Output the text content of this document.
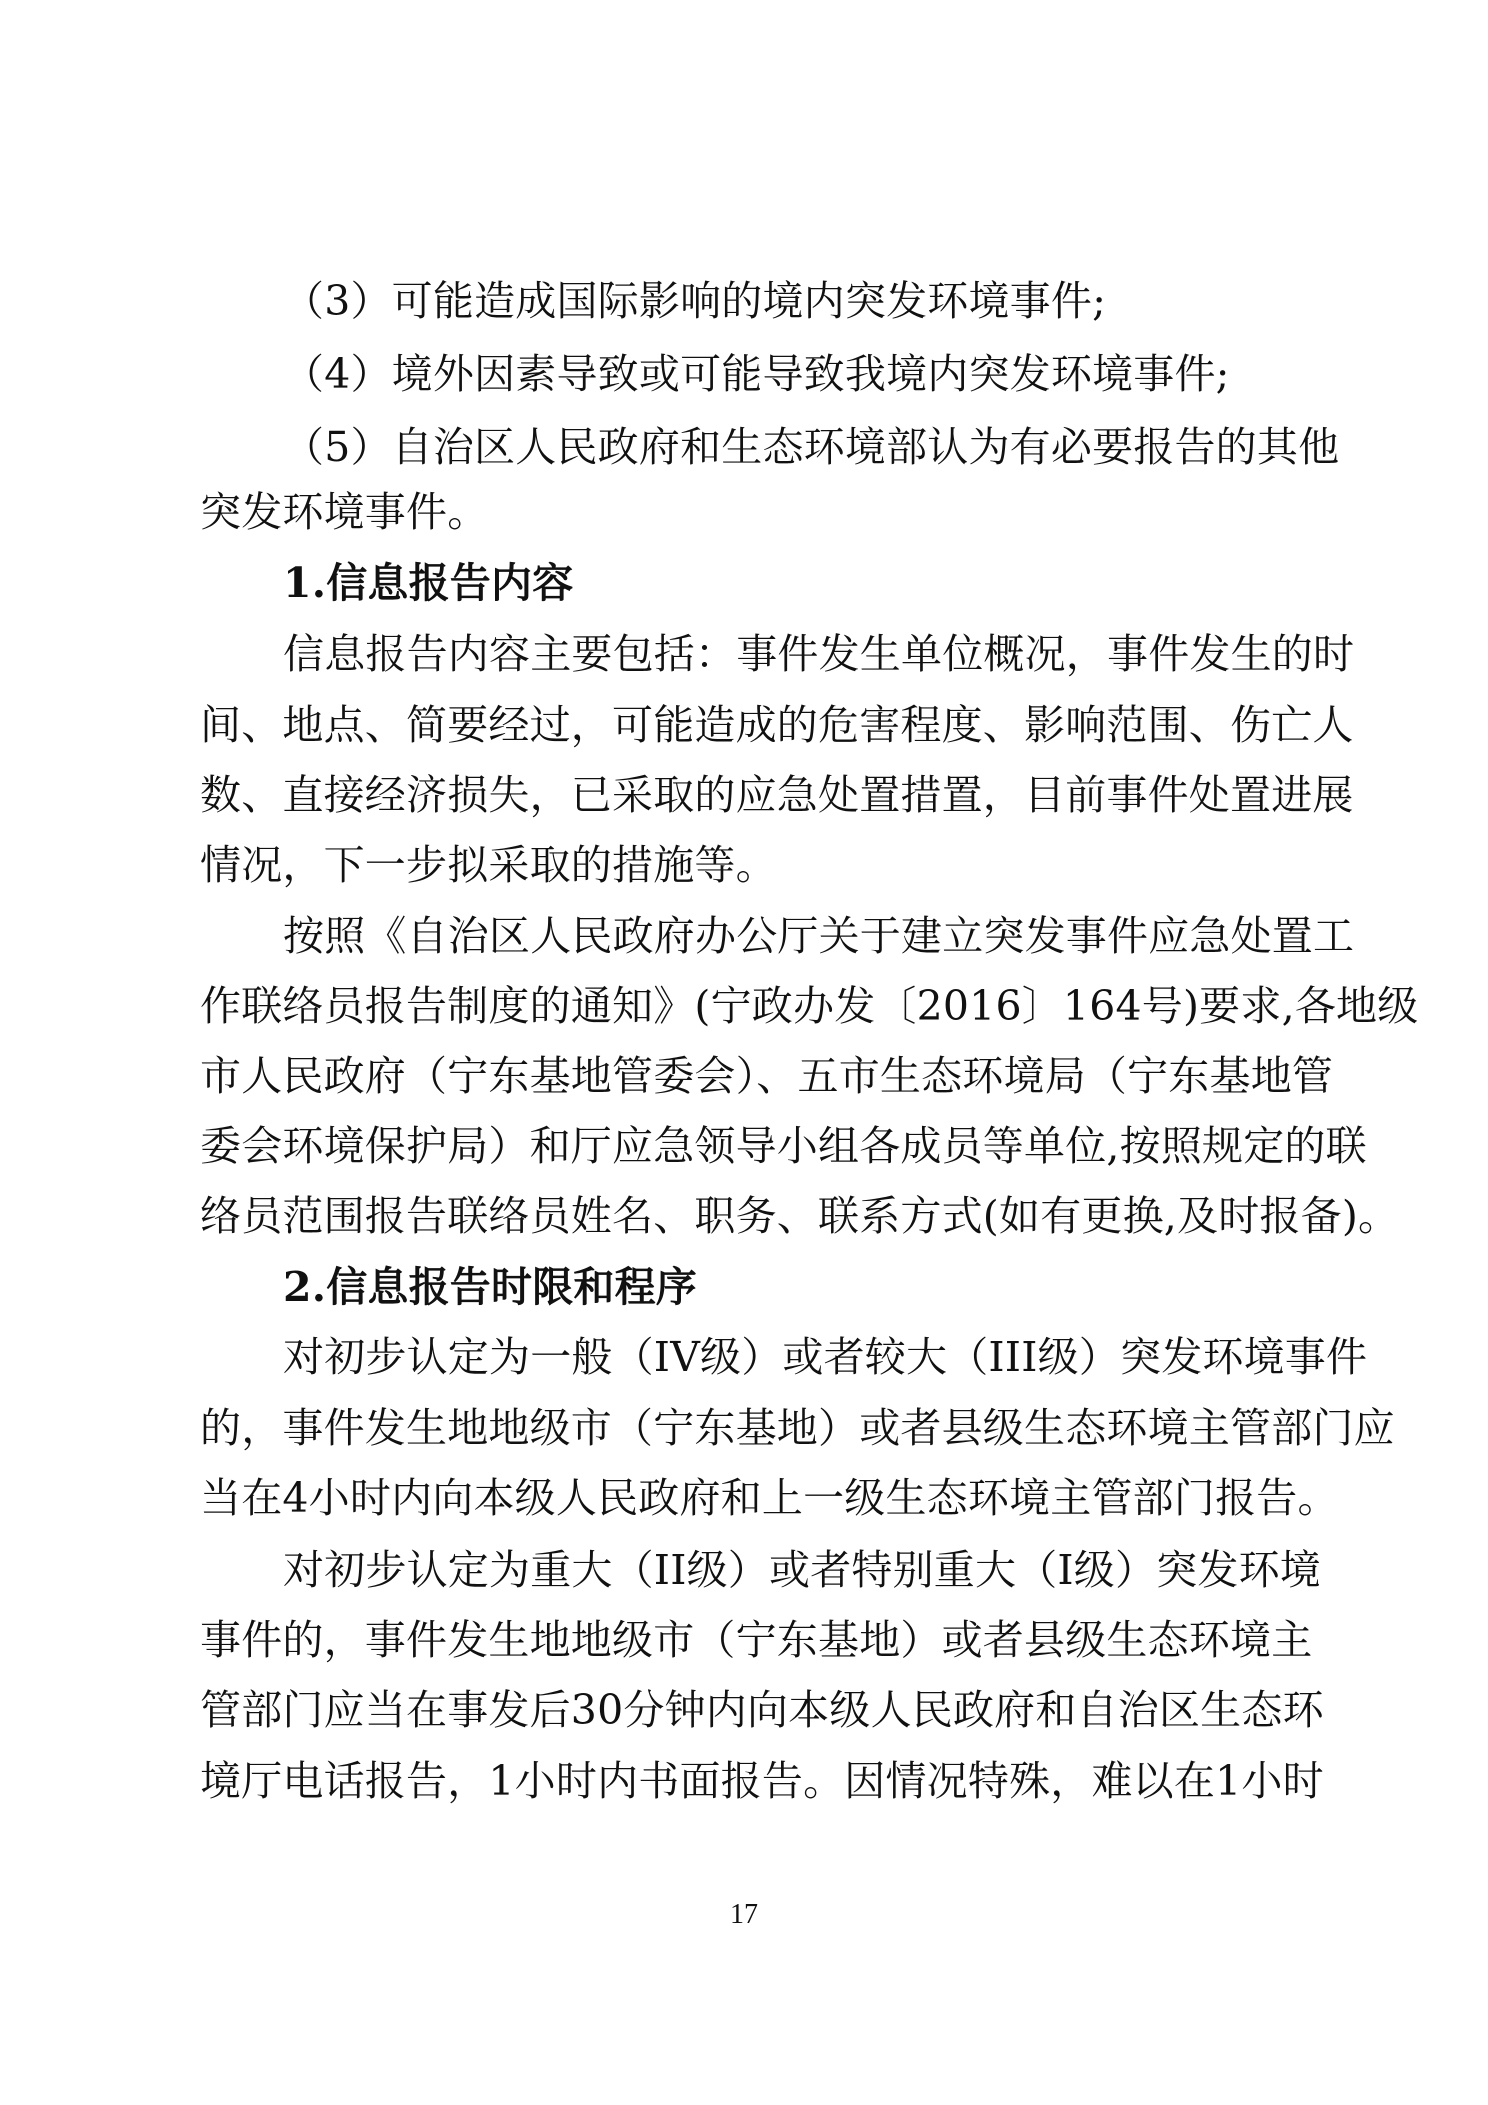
（3）可能造成国际影响的境内突发环境事件;
（4）境外因素导致或可能导致我境内突发环境事件;
（5）自治区人民政府和生态环境部认为有必要报告的其他
突发环境事件。
1.信息报告内容
信息报告内容主要包括：事件发生单位概况，事件发生的时
间、地点、简要经过，可能造成的危害程度、影响范围、伤亡人
数、直接经济损失，已采取的应急处置措置，目前事件处置进展
情况，下一步拟采取的措施等。
按照《自治区人民政府办公厅关于建立突发事件应急处置工
作联络员报告制度的通知》(宁政办发〔2016〕164号)要求,各地级
市人民政府（宁东基地管委会）、五市生态环境局（宁东基地管
委会环境保护局）和厅应急领导小组各成员等单位,按照规定的联
络员范围报告联络员姓名、职务、联系方式(如有更换,及时报备)。
2.信息报告时限和程序
对初步认定为一般（IV级）或者较大（III级）突发环境事件
的，事件发生地地级市（宁东基地）或者县级生态环境主管部门应
当在4小时内向本级人民政府和上一级生态环境主管部门报告。
对初步认定为重大（II级）或者特别重大（I级）突发环境
事件的，事件发生地地级市（宁东基地）或者县级生态环境主
管部门应当在事发后30分钟内向本级人民政府和自治区生态环
境厅电话报告，1小时内书面报告。因情况特殊，难以在1小时
17
